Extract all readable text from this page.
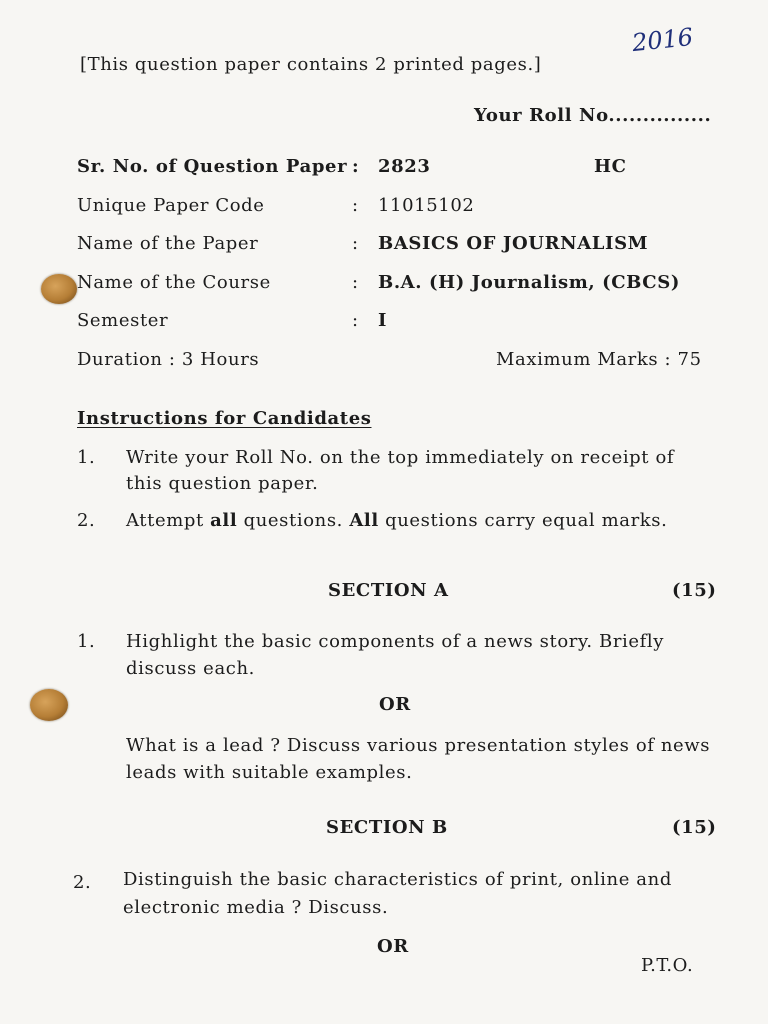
2016
[This question paper contains 2 printed pages.]
Your Roll No...............
Sr. No. of Question Paper : 2823	HC
Unique Paper Code	: 11015102
Name of the Paper	: BASICS OF JOURNALISM
Name of the Course	: B.A. (H) Journalism, (CBCS)
Semester	: I
Duration : 3 Hours	Maximum Marks : 75
Instructions for Candidates
1. Write your Roll No. on the top immediately on receipt of
this question paper.
2. Attempt all questions. All questions carry equal marks.
SECTION A	(15)
1. Highlight the basic components of a news story. Briefly
discuss each.
OR
What is a lead ? Discuss various presentation styles of news
leads with suitable examples.
SECTION B	(15)
2. Distinguish the basic characteristics of print, online and
electronic media ? Discuss.
OR
P.T.O.
